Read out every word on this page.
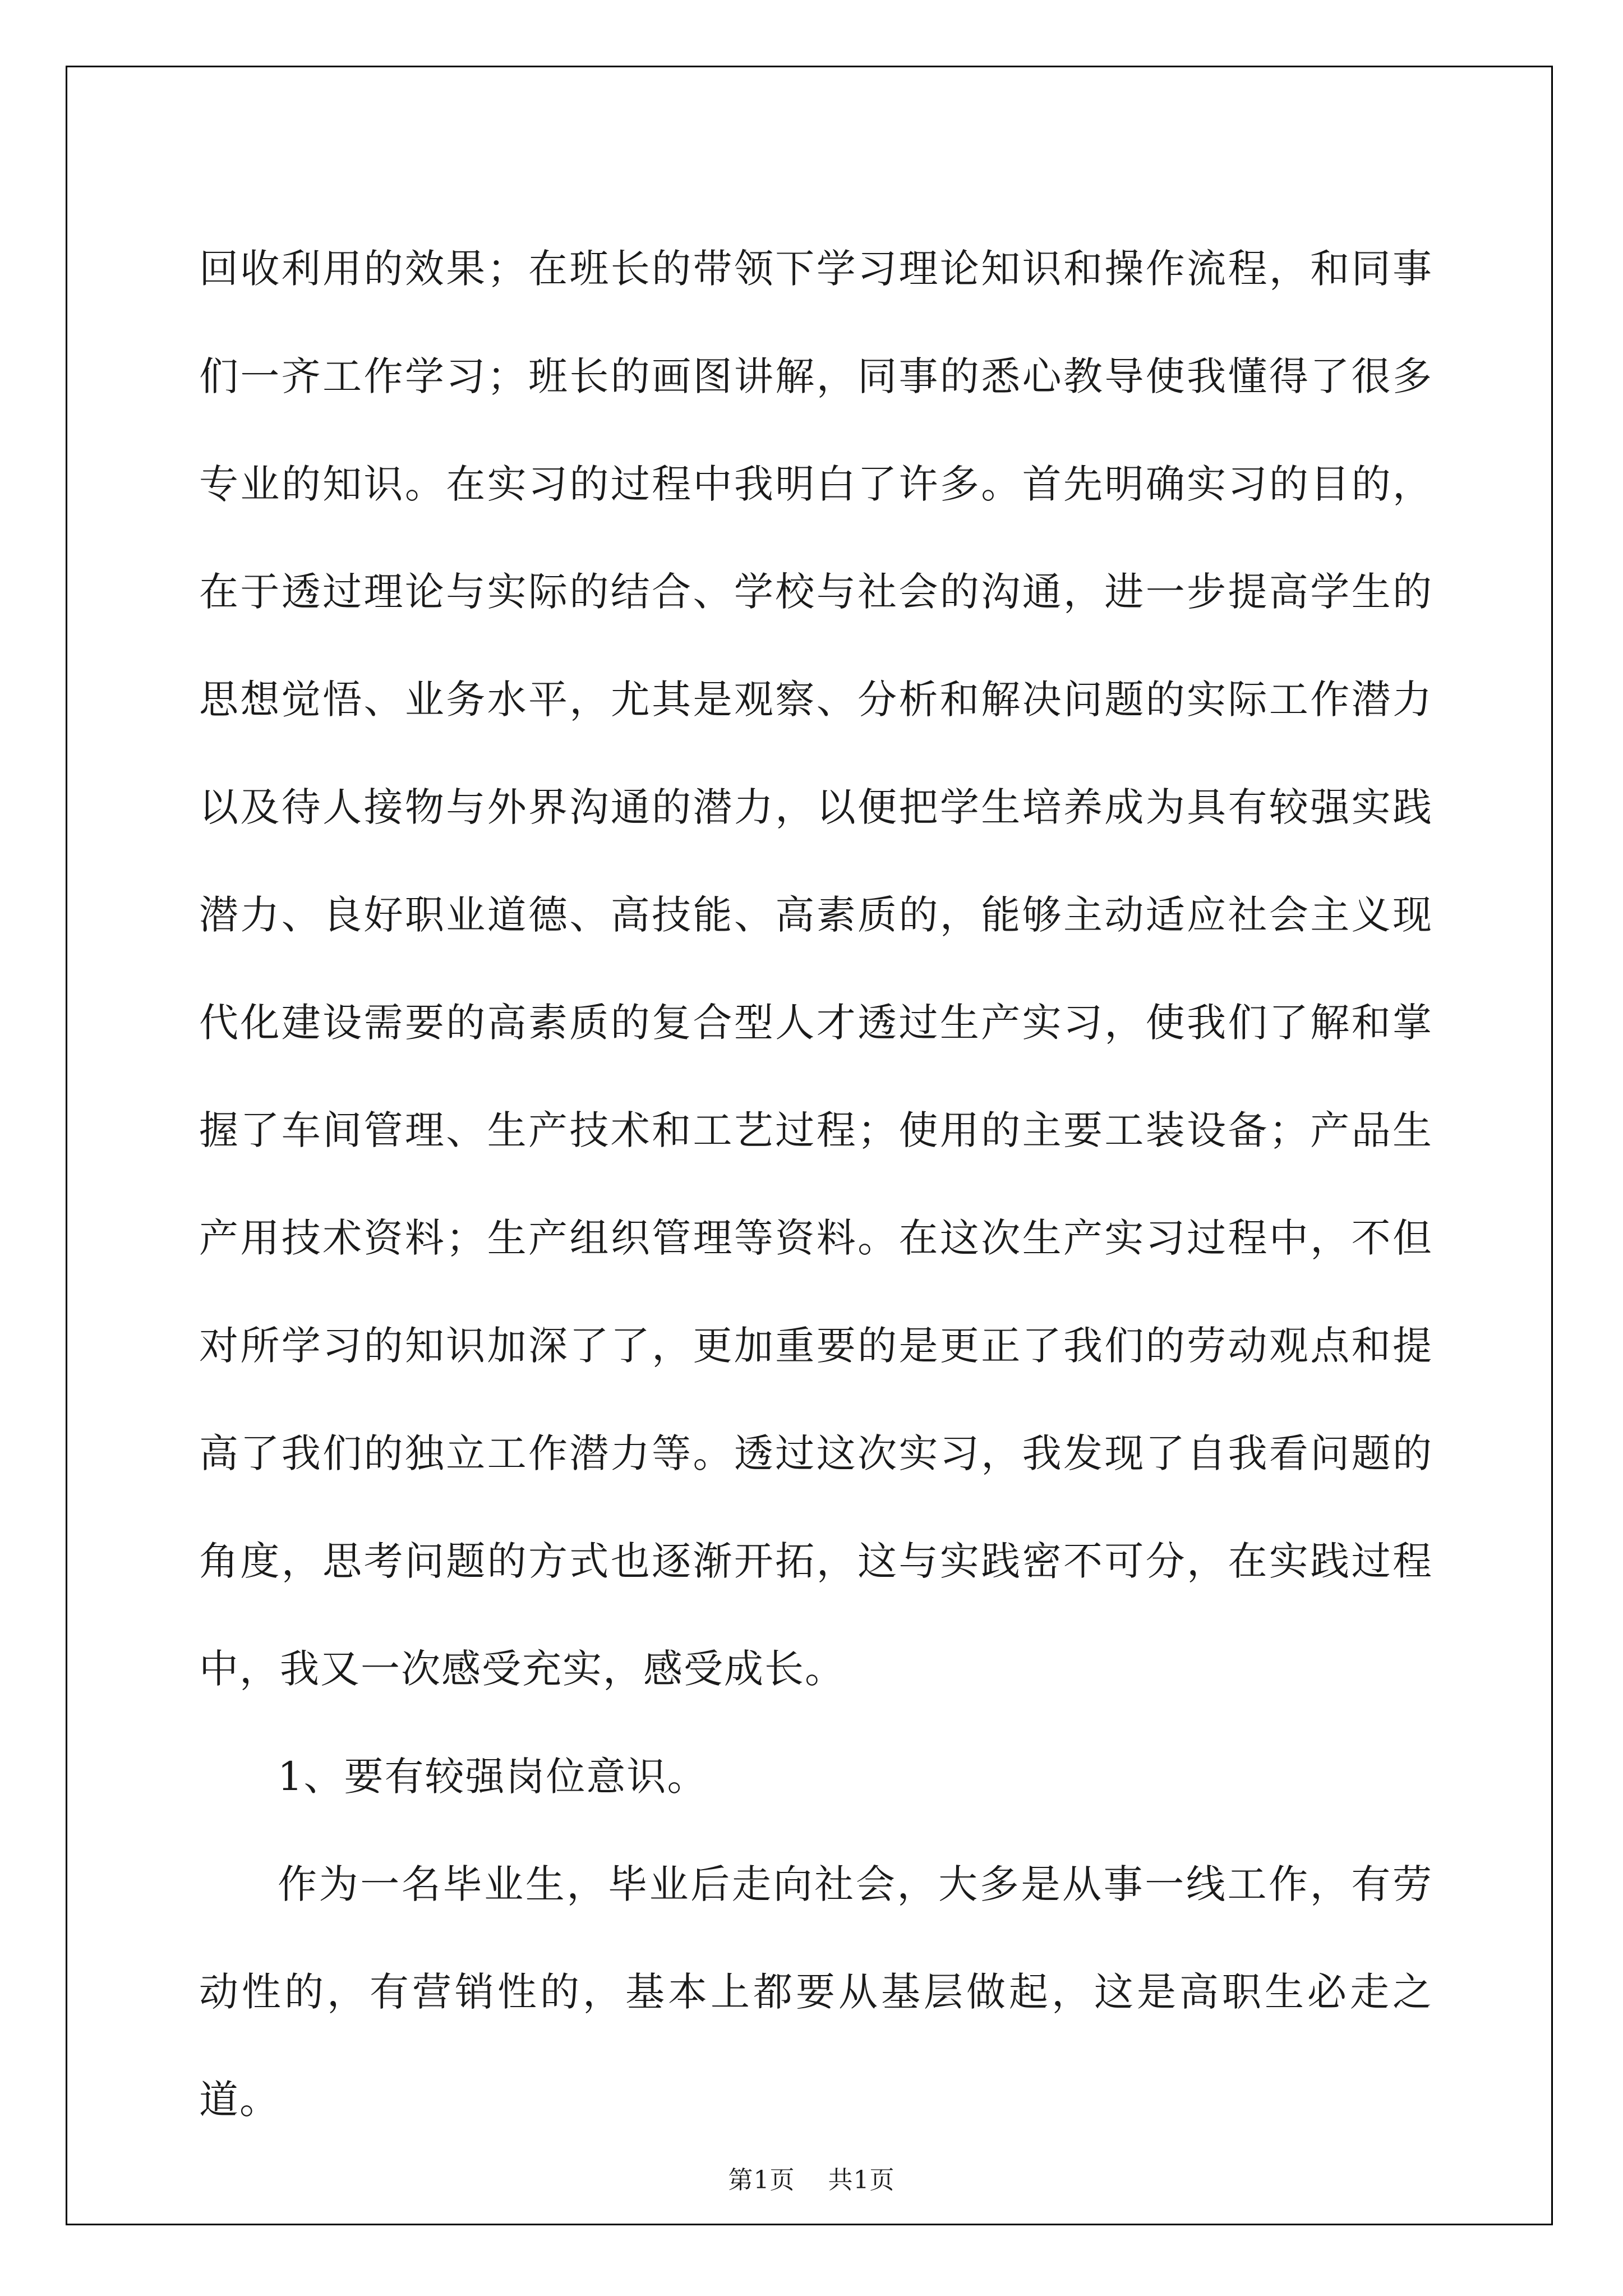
回收利用的效果；在班长的带领下学习理论知识和操作流程，和同事们一齐工作学习；班长的画图讲解，同事的悉心教导使我懂得了很多专业的知识。在实习的过程中我明白了许多。首先明确实习的目的，在于透过理论与实际的结合、学校与社会的沟通，进一步提高学生的思想觉悟、业务水平，尤其是观察、分析和解决问题的实际工作潜力以及待人接物与外界沟通的潜力，以便把学生培养成为具有较强实践潜力、良好职业道德、高技能、高素质的，能够主动适应社会主义现代化建设需要的高素质的复合型人才透过生产实习，使我们了解和掌握了车间管理、生产技术和工艺过程；使用的主要工装设备；产品生产用技术资料；生产组织管理等资料。在这次生产实习过程中，不但对所学习的知识加深了了，更加重要的是更正了我们的劳动观点和提高了我们的独立工作潜力等。透过这次实习，我发现了自我看问题的角度，思考问题的方式也逐渐开拓，这与实践密不可分，在实践过程中，我又一次感受充实，感受成长。

1、要有较强岗位意识。

作为一名毕业生，毕业后走向社会，大多是从事一线工作，有劳动性的，有营销性的，基本上都要从基层做起，这是高职生必走之道。

第1页 共1页
